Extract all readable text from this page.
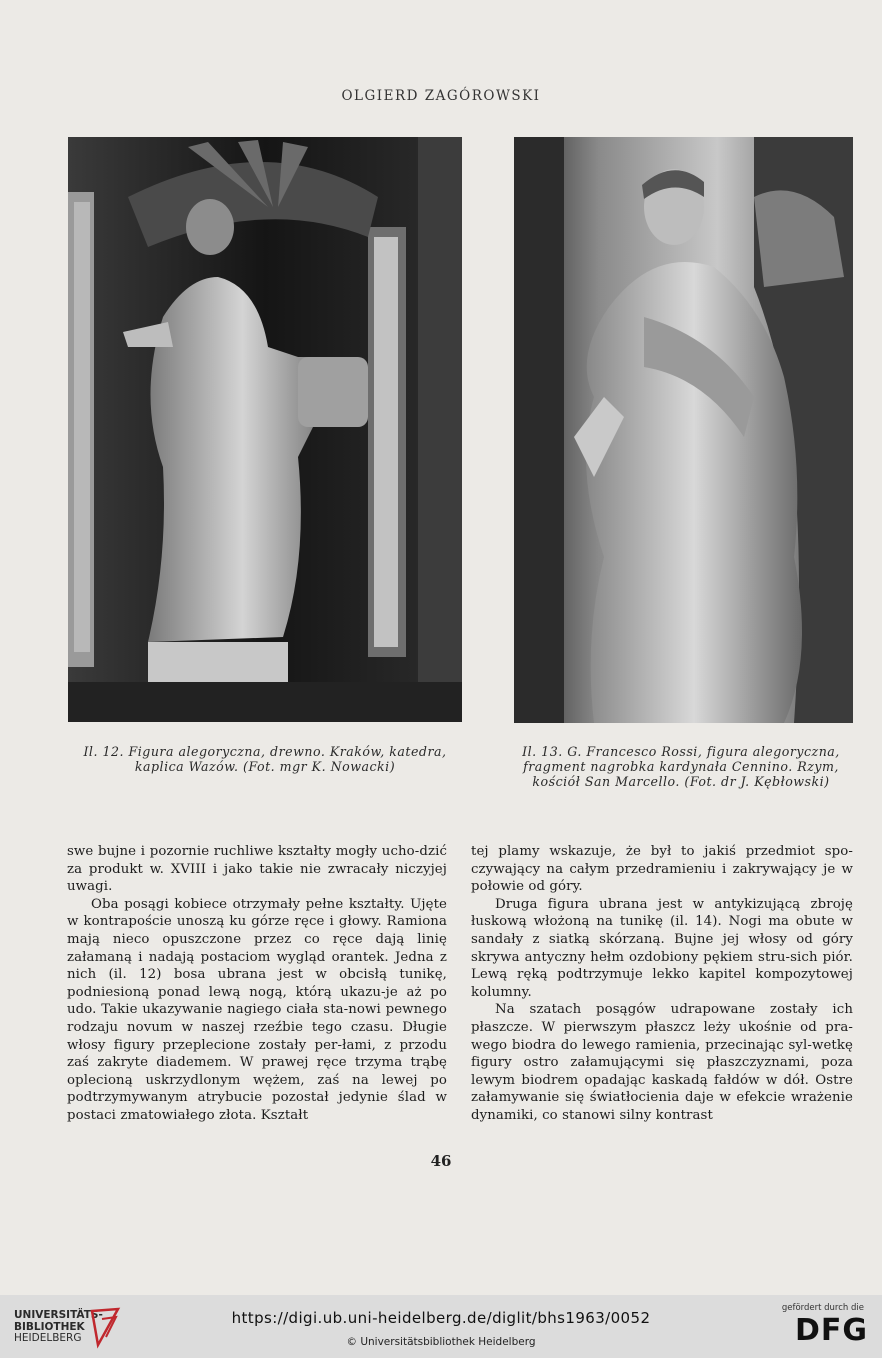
OLGIERD ZAGÓROWSKI
Il. 12. Figura alegoryczna, drewno. Kraków, katedra,
kaplica Wazów. (Fot. mgr K. Nowacki)
Il. 13. G. Francesco Rossi, figura alegoryczna,
fragment nagrobka kardynała Cennino. Rzym,
kościół San Marcello. (Fot. dr J. Kębłowski)

swe bujne i pozornie ruchliwe kształty mogły ucho-dzić za produkt w. XVIII i jako takie nie zwracały niczyjej uwagi.

Oba posągi kobiece otrzymały pełne kształty. Ujęte w kontrapoście unoszą ku górze ręce i głowy. Ramiona mają nieco opuszczone przez co ręce dają linię załamaną i nadają postaciom wygląd orantek. Jedna z nich (il. 12) bosa ubrana jest w obcisłą tunikę, podniesioną ponad lewą nogą, którą ukazu-je aż po udo. Takie ukazywanie nagiego ciała sta-nowi pewnego rodzaju novum w naszej rzeźbie tego czasu. Długie włosy figury przeplecione zostały per-łami, z przodu zaś zakryte diademem. W prawej ręce trzyma trąbę oplecioną uskrzydlonym wężem, zaś na lewej po podtrzymywanym atrybucie pozostał jedynie ślad w postaci zmatowiałego złota. Kształt

tej plamy wskazuje, że był to jakiś przedmiot spo-czywający na całym przedramieniu i zakrywający je w połowie od góry.

Druga figura ubrana jest w antykizującą zbroję łuskową włożoną na tunikę (il. 14). Nogi ma obute w sandały z siatką skórzaną. Bujne jej włosy od góry skrywa antyczny hełm ozdobiony pękiem stru-sich piór. Lewą ręką podtrzymuje lekko kapitel kompozytowej kolumny.

Na szatach posągów udrapowane zostały ich płaszcze. W pierwszym płaszcz leży ukośnie od pra-wego biodra do lewego ramienia, przecinając syl-wetkę figury ostro załamującymi się płaszczyznami, poza lewym biodrem opadając kaskadą fałdów w dół. Ostre załamywanie się światłocienia daje w efekcie wrażenie dynamiki, co stanowi silny kontrast

46
UNIVERSITÄTS-
BIBLIOTHEK
HEIDELBERG
https://digi.ub.uni-heidelberg.de/diglit/bhs1963/0052
© Universitätsbibliothek Heidelberg
gefördert durch die
DFG
